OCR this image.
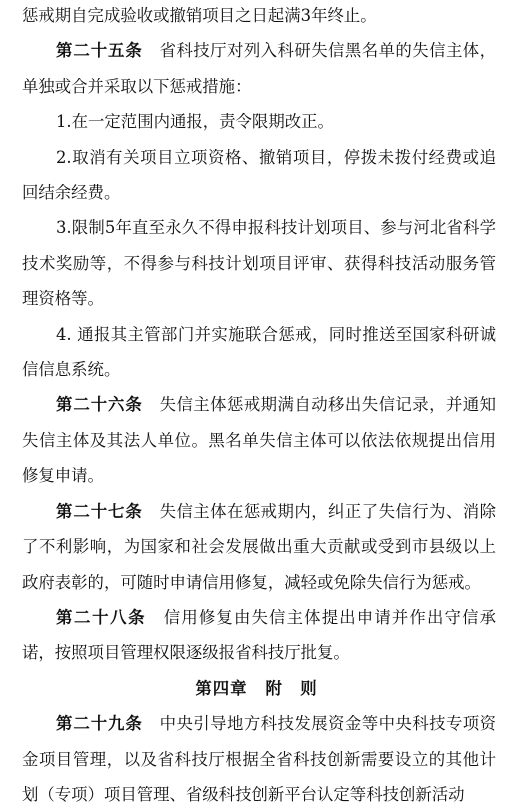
惩戒期自完成验收或撤销项目之日起满3年终止。

第二十五条　 省科技厅对列入科研失信黑名单的失信主体，单独或合并采取以下惩戒措施：

1.在一定范围内通报，责令限期改正。

2.取消有关项目立项资格、撤销项目，停拨未拨付经费或追回结余经费。

3.限制5年直至永久不得申报科技计划项目、参与河北省科学技术奖励等，不得参与科技计划项目评审、获得科技活动服务管理资格等。

4. 通报其主管部门并实施联合惩戒，同时推送至国家科研诚信信息系统。

第二十六条　 失信主体惩戒期满自动移出失信记录，并通知失信主体及其法人单位。黑名单失信主体可以依法依规提出信用修复申请。

第二十七条　 失信主体在惩戒期内，纠正了失信行为、消除了不利影响，为国家和社会发展做出重大贡献或受到市县级以上政府表彰的，可随时申请信用修复，减轻或免除失信行为惩戒。

第二十八条　 信用修复由失信主体提出申请并作出守信承诺，按照项目管理权限逐级报省科技厅批复。

第四章 附　则

第二十九条　 中央引导地方科技发展资金等中央科技专项资金项目管理，以及省科技厅根据全省科技创新需要设立的其他计划（专项）项目管理、省级科技创新平台认定等科技创新活动
